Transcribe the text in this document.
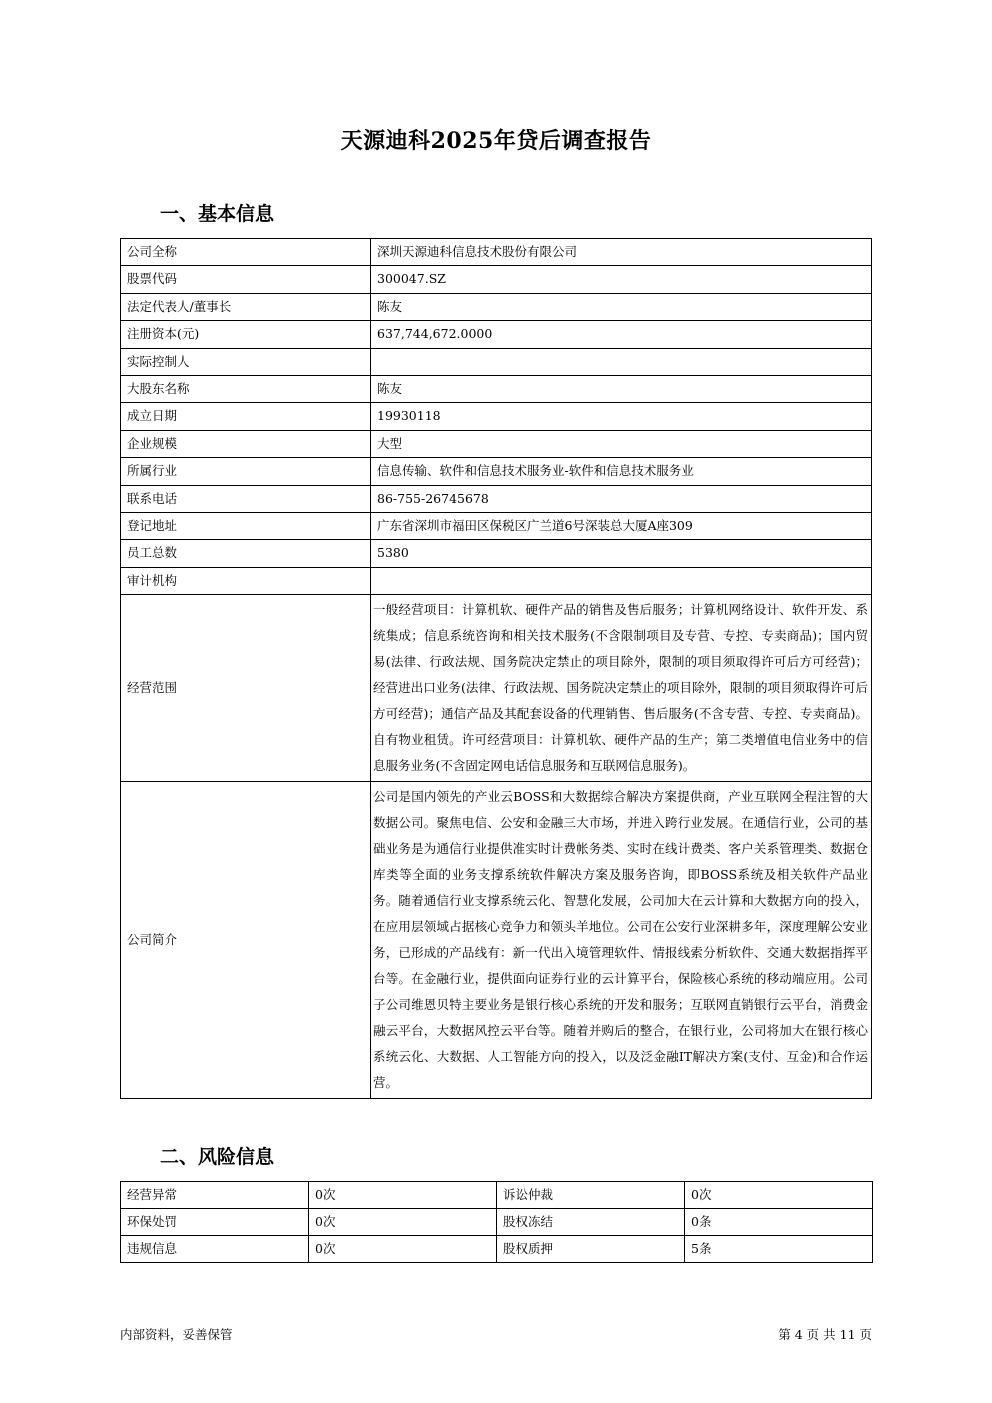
天源迪科2025年贷后调查报告
一、基本信息
公司全称	深圳天源迪科信息技术股份有限公司
股票代码	300047.SZ
法定代表人/董事长	陈友
注册资本(元)	637,744,672.0000
实际控制人	
大股东名称	陈友
成立日期	19930118
企业规模	大型
所属行业	信息传输、软件和信息技术服务业-软件和信息技术服务业
联系电话	86-755-26745678
登记地址	广东省深圳市福田区保税区广兰道6号深装总大厦A座309
员工总数	5380
审计机构	
经营范围	一般经营项目：计算机软、硬件产品的销售及售后服务；计算机网络设计、软件开发、系统集成；信息系统咨询和相关技术服务(不含限制项目及专营、专控、专卖商品)；国内贸易(法律、行政法规、国务院决定禁止的项目除外，限制的项目须取得许可后方可经营)；经营进出口业务(法律、行政法规、国务院决定禁止的项目除外，限制的项目须取得许可后方可经营)；通信产品及其配套设备的代理销售、售后服务(不含专营、专控、专卖商品)。自有物业租赁。许可经营项目：计算机软、硬件产品的生产；第二类增值电信业务中的信息服务业务(不含固定网电话信息服务和互联网信息服务)。
公司简介	公司是国内领先的产业云BOSS和大数据综合解决方案提供商，产业互联网全程注智的大数据公司。聚焦电信、公安和金融三大市场，并进入跨行业发展。在通信行业，公司的基础业务是为通信行业提供准实时计费帐务类、实时在线计费类、客户关系管理类、数据仓库类等全面的业务支撑系统软件解决方案及服务咨询，即BOSS系统及相关软件产品业务。随着通信行业支撑系统云化、智慧化发展，公司加大在云计算和大数据方向的投入，在应用层领域占据核心竞争力和领头羊地位。公司在公安行业深耕多年，深度理解公安业务，已形成的产品线有：新一代出入境管理软件、情报线索分析软件、交通大数据指挥平台等。在金融行业，提供面向证券行业的云计算平台，保险核心系统的移动端应用。公司子公司维恩贝特主要业务是银行核心系统的开发和服务；互联网直销银行云平台，消费金融云平台，大数据风控云平台等。随着并购后的整合，在银行业，公司将加大在银行核心系统云化、大数据、人工智能方向的投入，以及泛金融IT解决方案(支付、互金)和合作运营。
二、风险信息
经营异常	0次	诉讼仲裁	0次
环保处罚	0次	股权冻结	0条
违规信息	0次	股权质押	5条
内部资料，妥善保管	第 4 页 共 11 页
